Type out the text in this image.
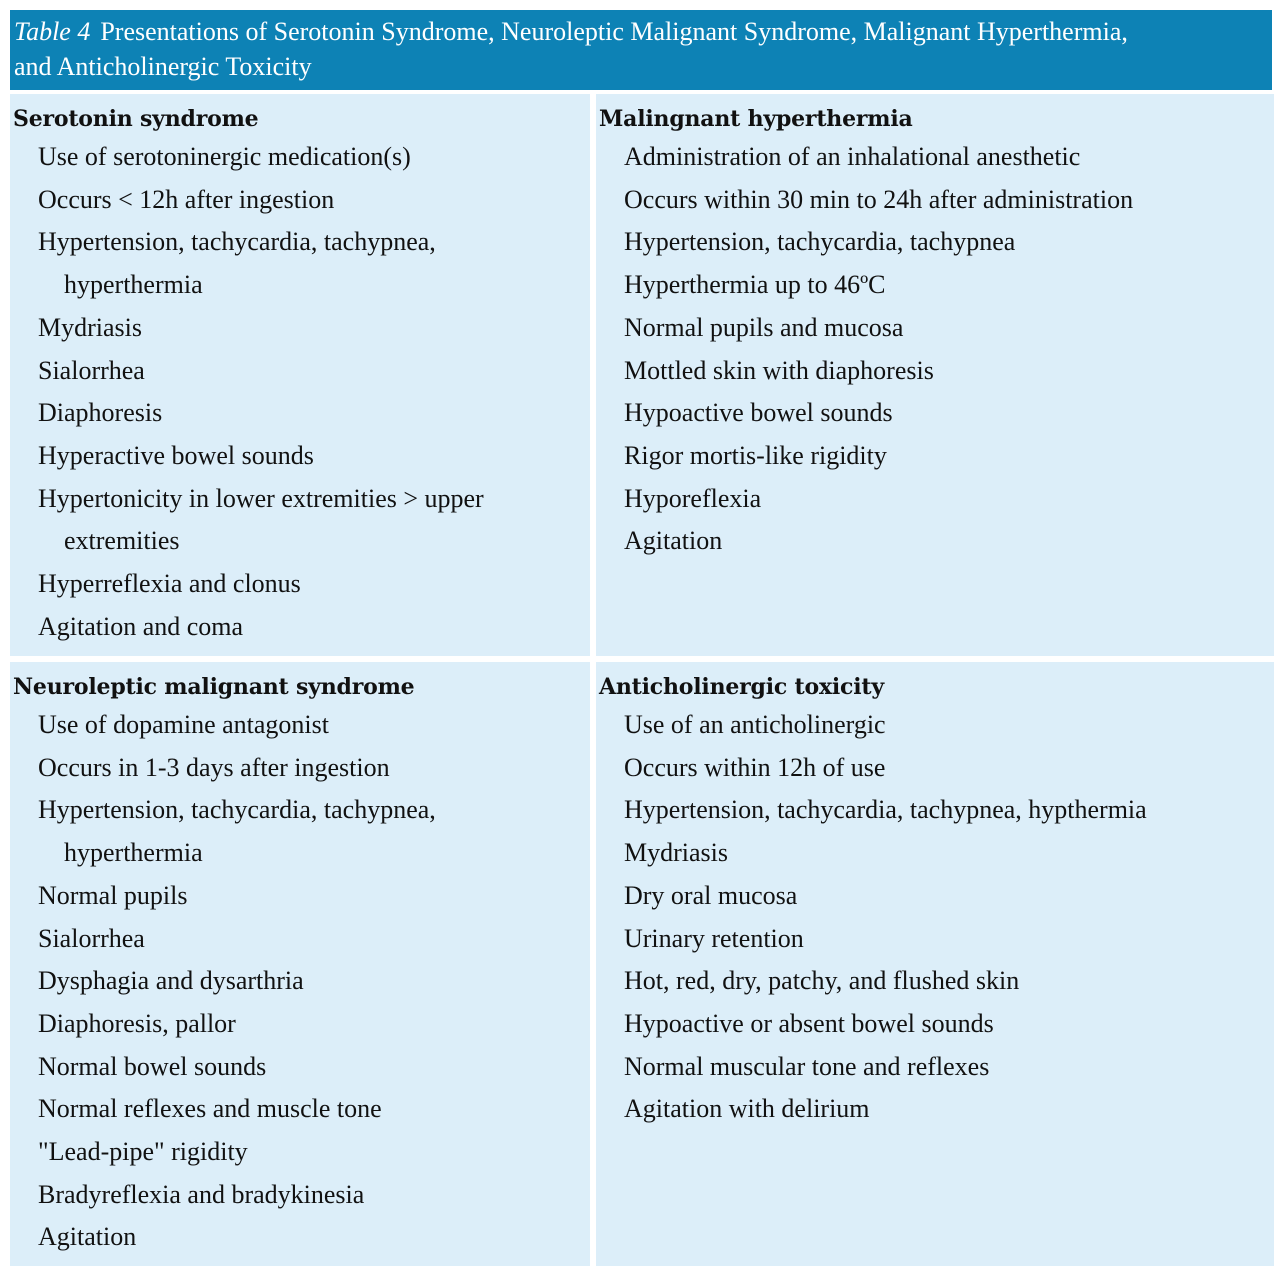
Table 4 Presentations of Serotonin Syndrome, Neuroleptic Malignant Syndrome, Malignant Hyperthermia,
and Anticholinergic Toxicity
Serotonin syndrome
Use of serotoninergic medication(s)
Occurs < 12h after ingestion
Hypertension, tachycardia, tachypnea,
hyperthermia
Mydriasis
Sialorrhea
Diaphoresis
Hyperactive bowel sounds
Hypertonicity in lower extremities > upper
extremities
Hyperreflexia and clonus
Agitation and coma
Malingnant hyperthermia
Administration of an inhalational anesthetic
Occurs within 30 min to 24h after administration
Hypertension, tachycardia, tachypnea
Hyperthermia up to 46ºC
Normal pupils and mucosa
Mottled skin with diaphoresis
Hypoactive bowel sounds
Rigor mortis-like rigidity
Hyporeflexia
Agitation
Neuroleptic malignant syndrome
Use of dopamine antagonist
Occurs in 1-3 days after ingestion
Hypertension, tachycardia, tachypnea,
hyperthermia
Normal pupils
Sialorrhea
Dysphagia and dysarthria
Diaphoresis, pallor
Normal bowel sounds
Normal reflexes and muscle tone
"Lead-pipe" rigidity
Bradyreflexia and bradykinesia
Agitation
Anticholinergic toxicity
Use of an anticholinergic
Occurs within 12h of use
Hypertension, tachycardia, tachypnea, hypthermia
Mydriasis
Dry oral mucosa
Urinary retention
Hot, red, dry, patchy, and flushed skin
Hypoactive or absent bowel sounds
Normal muscular tone and reflexes
Agitation with delirium
